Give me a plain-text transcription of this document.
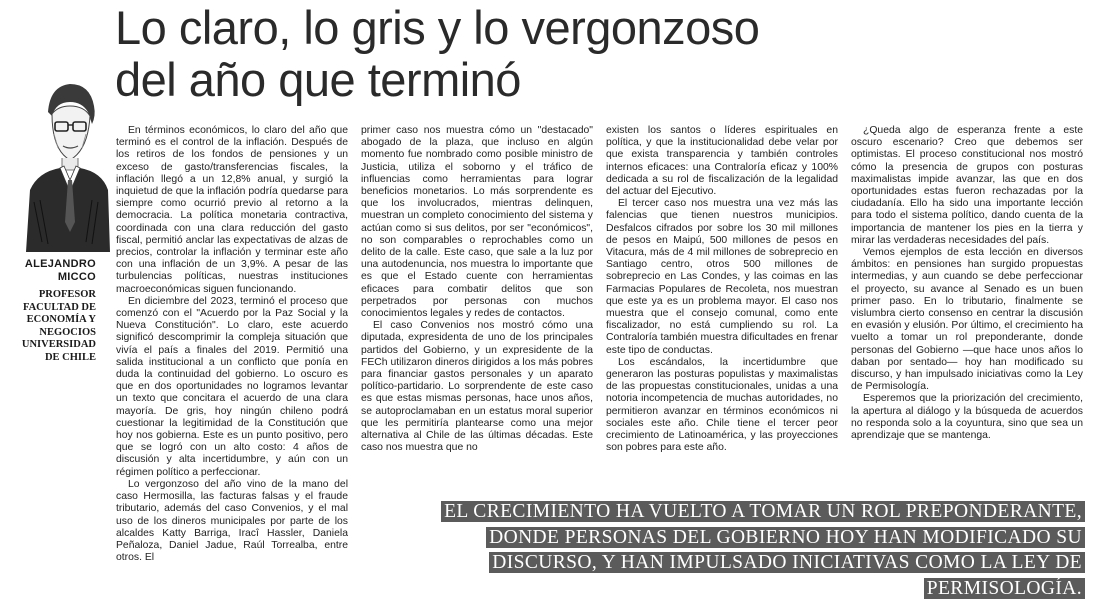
Lo claro, lo gris y lo vergonzoso
del año que terminó
ALEJANDRO
MICCO
PROFESOR
FACULTAD DE
ECONOMÍA Y
NEGOCIOS
UNIVERSIDAD
DE CHILE

En términos económicos, lo claro del año que terminó es el control de la inflación. Después de los retiros de los fondos de pensiones y un exceso de gasto/transferencias fiscales, la inflación llegó a un 12,8% anual, y surgió la inquietud de que la inflación podría quedarse para siempre como ocurrió previo al retorno a la democracia. La política monetaria contractiva, coordinada con una clara reducción del gasto fiscal, permitió anclar las expectativas de alzas de precios, controlar la inflación y terminar este año con una inflación de un 3,9%. A pesar de las turbulencias políticas, nuestras instituciones macroeconómicas siguen funcionando.

En diciembre del 2023, terminó el proceso que comenzó con el "Acuerdo por la Paz Social y la Nueva Constitución". Lo claro, este acuerdo significó descomprimir la compleja situación que vivía el país a finales del 2019. Permitió una salida institucional a un conflicto que ponía en duda la continuidad del gobierno. Lo oscuro es que en dos oportunidades no logramos levantar un texto que concitara el acuerdo de una clara mayoría. De gris, hoy ningún chileno podrá cuestionar la legitimidad de la Constitución que hoy nos gobierna. Este es un punto positivo, pero que se logró con un alto costo: 4 años de discusión y alta incertidumbre, y aún con un régimen político a perfeccionar.

Lo vergonzoso del año vino de la mano del caso Hermosilla, las facturas falsas y el fraude tributario, además del caso Convenios, y el mal uso de los dineros municipales por parte de los alcaldes Katty Barriga, Iracî Hassler, Daniela Peñaloza, Daniel Jadue, Raúl Torrealba, entre otros. El

primer caso nos muestra cómo un "destacado" abogado de la plaza, que incluso en algún momento fue nombrado como posible ministro de Justicia, utiliza el soborno y el tráfico de influencias como herramientas para lograr beneficios monetarios. Lo más sorprendente es que los involucrados, mientras delinquen, muestran un completo conocimiento del sistema y actúan como si sus delitos, por ser "económicos", no son comparables o reprochables como un delito de la calle. Este caso, que sale a la luz por una autodenuncia, nos muestra lo importante que es que el Estado cuente con herramientas eficaces para combatir delitos que son perpetrados por personas con muchos conocimientos legales y redes de contactos.

El caso Convenios nos mostró cómo una diputada, expresidenta de uno de los principales partidos del Gobierno, y un expresidente de la FECh utilizaron dineros dirigidos a los más pobres para financiar gastos personales y un aparato político-partidario. Lo sorprendente de este caso es que estas mismas personas, hace unos años, se autoproclamaban en un estatus moral superior que les permitiría plantearse como una mejor alternativa al Chile de las últimas décadas. Este caso nos muestra que no

existen los santos o líderes espirituales en política, y que la institucionalidad debe velar por que exista transparencia y también controles internos eficaces: una Contraloría eficaz y 100% dedicada a su rol de fiscalización de la legalidad del actuar del Ejecutivo.

El tercer caso nos muestra una vez más las falencias que tienen nuestros municipios. Desfalcos cifrados por sobre los 30 mil millones de pesos en Maipú, 500 millones de pesos en Vitacura, más de 4 mil millones de sobreprecio en Santiago centro, otros 500 millones de sobreprecio en Las Condes, y las coimas en las Farmacias Populares de Recoleta, nos muestran que este ya es un problema mayor. El caso nos muestra que el consejo comunal, como ente fiscalizador, no está cumpliendo su rol. La Contraloría también muestra dificultades en frenar este tipo de conductas.

Los escándalos, la incertidumbre que generaron las posturas populistas y maximalistas de las propuestas constitucionales, unidas a una notoria incompetencia de muchas autoridades, no permitieron avanzar en términos económicos ni sociales este año. Chile tiene el tercer peor crecimiento de Latinoamérica, y las proyecciones son pobres para este año.

¿Queda algo de esperanza frente a este oscuro escenario? Creo que debemos ser optimistas. El proceso constitucional nos mostró cómo la presencia de grupos con posturas maximalistas impide avanzar, las que en dos oportunidades estas fueron rechazadas por la ciudadanía. Ello ha sido una importante lección para todo el sistema político, dando cuenta de la importancia de mantener los pies en la tierra y mirar las verdaderas necesidades del país.

Vemos ejemplos de esta lección en diversos ámbitos: en pensiones han surgido propuestas intermedias, y aun cuando se debe perfeccionar el proyecto, su avance al Senado es un buen primer paso. En lo tributario, finalmente se vislumbra cierto consenso en centrar la discusión en evasión y elusión. Por último, el crecimiento ha vuelto a tomar un rol preponderante, donde personas del Gobierno —que hace unos años lo daban por sentado— hoy han modificado su discurso, y han impulsado iniciativas como la Ley de Permisología.

Esperemos que la priorización del crecimiento, la apertura al diálogo y la búsqueda de acuerdos no responda solo a la coyuntura, sino que sea un aprendizaje que se mantenga.

EL CRECIMIENTO HA VUELTO A TOMAR UN ROL PREPONDERANTE, DONDE PERSONAS DEL GOBIERNO HOY HAN MODIFICADO SU DISCURSO, Y HAN IMPULSADO INICIATIVAS COMO LA LEY DE PERMISOLOGÍA.
